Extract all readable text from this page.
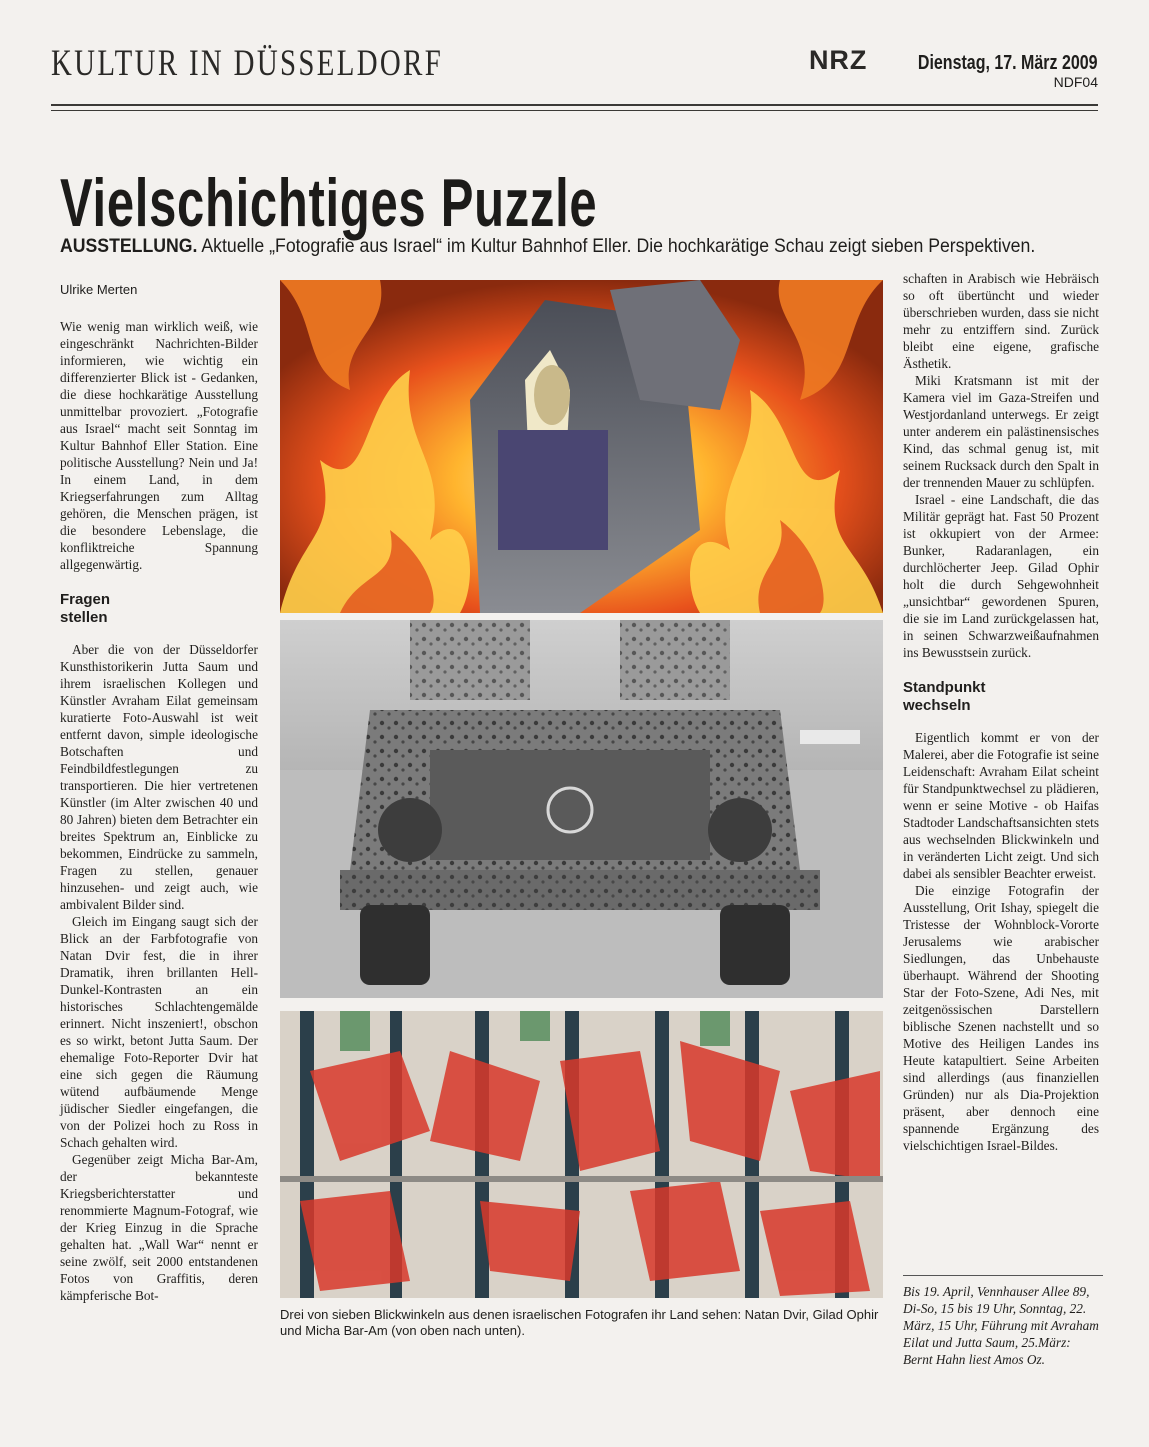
KULTUR IN DÜSSELDORF	NRZ	Dienstag, 17. März 2009
NDF04
Vielschichtiges Puzzle
AUSSTELLUNG. Aktuelle „Fotografie aus Israel“ im Kultur Bahnhof Eller. Die hochkarätige Schau zeigt sieben Perspektiven.
Ulrike Merten

Wie wenig man wirklich weiß, wie eingeschränkt Nachrichten-Bilder informieren, wie wichtig ein differenzierter Blick ist - Gedanken, die diese hochkarätige Ausstellung unmittelbar provoziert. „Fotografie aus Israel“ macht seit Sonntag im Kultur Bahnhof Eller Station. Eine politische Ausstellung? Nein und Ja! In einem Land, in dem Kriegserfahrungen zum Alltag gehören, die Menschen prägen, ist die besondere Lebenslage, die konfliktreiche Spannung allgegenwärtig.

Fragen stellen

Aber die von der Düsseldorfer Kunsthistorikerin Jutta Saum und ihrem israelischen Kollegen und Künstler Avraham Eilat gemeinsam kuratierte Foto-Auswahl ist weit entfernt davon, simple ideologische Botschaften und Feindbildfestlegungen zu transportieren. Die hier vertretenen Künstler (im Alter zwischen 40 und 80 Jahren) bieten dem Betrachter ein breites Spektrum an, Einblicke zu bekommen, Eindrücke zu sammeln, Fragen zu stellen, genauer hinzusehen- und zeigt auch, wie ambivalent Bilder sind.

Gleich im Eingang saugt sich der Blick an der Farbfotografie von Natan Dvir fest, die in ihrer Dramatik, ihren brillanten Hell-Dunkel-Kontrasten an ein historisches Schlachtengemälde erinnert. Nicht inszeniert!, obschon es so wirkt, betont Jutta Saum. Der ehemalige Foto-Reporter Dvir hat eine sich gegen die Räumung wütend aufbäumende Menge jüdischer Siedler eingefangen, die von der Polizei hoch zu Ross in Schach gehalten wird.

Gegenüber zeigt Micha Bar-Am, der bekannteste Kriegsberichterstatter und renommierte Magnum-Fotograf, wie der Krieg Einzug in die Sprache gehalten hat. „Wall War“ nennt er seine zwölf, seit 2000 entstandenen Fotos von Graffitis, deren kämpferische Bot-

Drei von sieben Blickwinkeln aus denen israelischen Fotografen ihr Land sehen: Natan Dvir, Gilad Ophir und Micha Bar-Am (von oben nach unten).

schaften in Arabisch wie Hebräisch so oft übertüncht und wieder überschrieben wurden, dass sie nicht mehr zu entziffern sind. Zurück bleibt eine eigene, grafische Ästhetik.

Miki Kratsmann ist mit der Kamera viel im Gaza-Streifen und Westjordanland unterwegs. Er zeigt unter anderem ein palästinensisches Kind, das schmal genug ist, mit seinem Rucksack durch den Spalt in der trennenden Mauer zu schlüpfen.

Israel - eine Landschaft, die das Militär geprägt hat. Fast 50 Prozent ist okkupiert von der Armee: Bunker, Radaranlagen, ein durchlöcherter Jeep. Gilad Ophir holt die durch Sehgewohnheit „unsichtbar“ gewordenen Spuren, die sie im Land zurückgelassen hat, in seinen Schwarzweißaufnahmen ins Bewusstsein zurück.

Standpunkt wechseln

Eigentlich kommt er von der Malerei, aber die Fotografie ist seine Leidenschaft: Avraham Eilat scheint für Standpunktwechsel zu plädieren, wenn er seine Motive - ob Haifas Stadtoder Landschaftsansichten stets aus wechselnden Blickwinkeln und in veränderten Licht zeigt. Und sich dabei als sensibler Beachter erweist.

Die einzige Fotografin der Ausstellung, Orit Ishay, spiegelt die Tristesse der Wohnblock-Vororte Jerusalems wie arabischer Siedlungen, das Unbehauste überhaupt. Während der Shooting Star der Foto-Szene, Adi Nes, mit zeitgenössischen Darstellern biblische Szenen nachstellt und so Motive des Heiligen Landes ins Heute katapultiert. Seine Arbeiten sind allerdings (aus finanziellen Gründen) nur als Dia-Projektion präsent, aber dennoch eine spannende Ergänzung des vielschichtigen Israel-Bildes.

Bis 19. April, Vennhauser Allee 89, Di-So, 15 bis 19 Uhr, Sonntag, 22. März, 15 Uhr, Führung mit Avraham Eilat und Jutta Saum, 25.März: Bernt Hahn liest Amos Oz.
